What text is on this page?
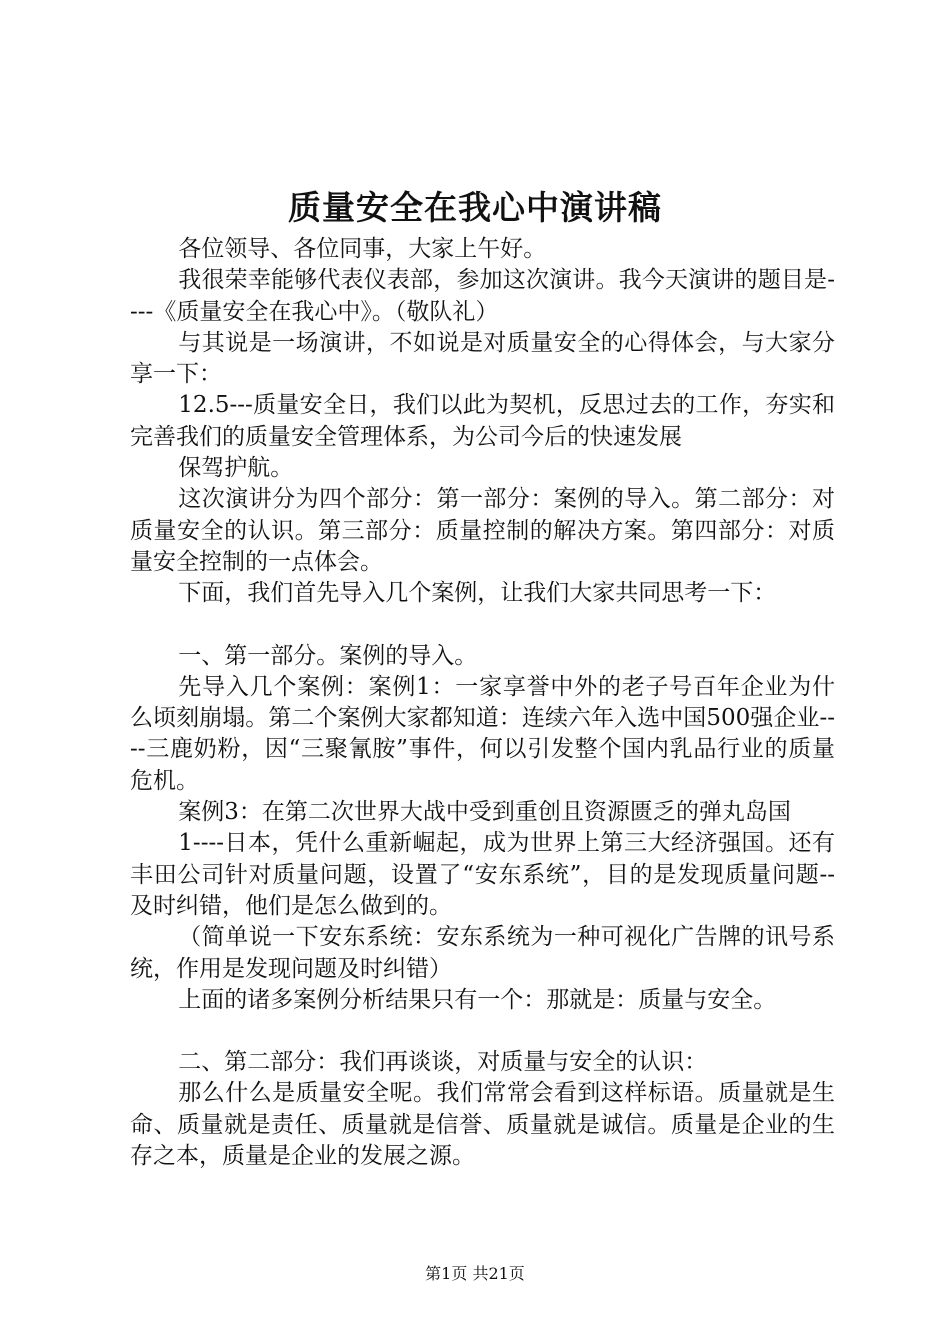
质量安全在我心中演讲稿

各位领导、各位同事，大家上午好。

我很荣幸能够代表仪表部，参加这次演讲。我今天演讲的题目是----《质量安全在我心中》。（敬队礼）

与其说是一场演讲，不如说是对质量安全的心得体会，与大家分享一下：

12.5---质量安全日，我们以此为契机，反思过去的工作，夯实和完善我们的质量安全管理体系，为公司今后的快速发展

保驾护航。

这次演讲分为四个部分：第一部分：案例的导入。第二部分：对质量安全的认识。第三部分：质量控制的解决方案。第四部分：对质量安全控制的一点体会。

下面，我们首先导入几个案例，让我们大家共同思考一下：

一、第一部分。案例的导入。

先导入几个案例：案例1：一家享誉中外的老子号百年企业为什么顷刻崩塌。第二个案例大家都知道：连续六年入选中国500强企业----三鹿奶粉，因“三聚氰胺”事件，何以引发整个国内乳品行业的质量危机。

案例3：在第二次世界大战中受到重创且资源匮乏的弹丸岛国

1----日本，凭什么重新崛起，成为世界上第三大经济强国。还有丰田公司针对质量问题，设置了“安东系统”，目的是发现质量问题--及时纠错，他们是怎么做到的。

（简单说一下安东系统：安东系统为一种可视化广告牌的讯号系统，作用是发现问题及时纠错）

上面的诸多案例分析结果只有一个：那就是：质量与安全。

二、第二部分：我们再谈谈，对质量与安全的认识：

那么什么是质量安全呢。我们常常会看到这样标语。质量就是生命、质量就是责任、质量就是信誉、质量就是诚信。质量是企业的生存之本，质量是企业的发展之源。

第1页 共21页
